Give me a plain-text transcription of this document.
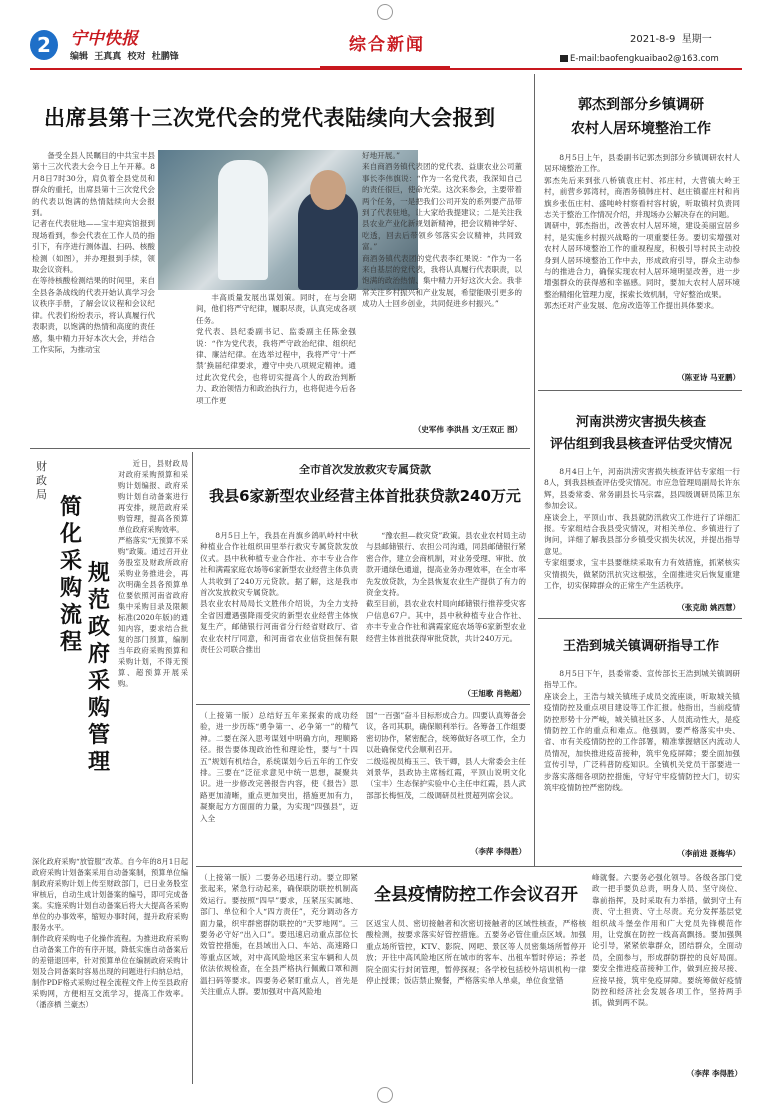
2	宁中快报
编辑  王真真  校对  杜鹏锋
综合新闻	2021-8-9  星期一
E-mail:baofengkuaibao2@163.com
出席县第十三次党代会的党代表陆续向大会报到
备受全县人民瞩目的中共宝丰县第十三次代表大会今日上午开幕。8月8日7时30分，肩负着全县党员和群众的重托，出席县第十三次党代会的代表以饱满的热情陆续向大会报到。
记者在代表驻地——宝丰迎宾馆报到现场看到，参会代表在工作人员的指引下，有序进行测体温、扫码、核酸检测（如图），并办理报到手续，领取会议资料。
在等待核酸检测结果的时间里，来自全县各条战线的代表开始认真学习会议秩序手册，了解会议议程和会议纪律。代表们纷纷表示，将认真履行代表职责，以饱满的热情和高度的责任感，集中精力开好本次大会，并结合工作实际，为推动宝
丰高质量发展出谋划策。同时，在与会期间，他们将严守纪律，履职尽责，认真完成各项任务。
党代表、县纪委副书记、监委副主任陈金强说：“作为党代表，我将严守政治纪律、组织纪律、廉洁纪律。在选举过程中，我将严守‘十严禁’换届纪律要求，遵守中央八项规定精神。通过此次党代会，也将切实提高个人的政治判断力、政治领悟力和政治执行力，也将促进今后各项工作更
好地开展。”
来自商酒务镇代表团的党代表、益康农业公司董事长李伟旗说：“作为一名党代表，我深知自己的责任很巨，使命光荣。这次来参会，主要带着两个任务，一是把我们公司开发的系列要产品带到了代表驻地，让大家给我提建议；二是关注我县农业产业化新规划新精神，把会议精神学好、吃透，回去后带领乡邻落实会议精神，共同致富。”
商酒务镇代表团的党代表李红果说：“作为一名来自基层的党代表，我将认真履行代表职责，以饱满的政治热情、集中精力开好这次大会。我非常关注乡村振兴和产业发展，希望能吸引更多的成功人士回乡创业，共同促进乡村振兴。”
（史军伟 李洪昌 文/王双正 图）
财政局
简化采购流程
规范政府采购管理
近日，县财政局对政府采购预算和采购计划编报、政府采购计划自动备案进行再安排，规范政府采购管理，提高各预算单位政府采购效率。
严格落实“无预算不采购”政策。通过召开业务股室及财政所政府采购业务推进会，再次明确全县各预算单位要依照河南省政府集中采购目录及限额标准(2020年版)的通知内容，要求结合批复的部门预算，编制当年政府采购预算和采购计划，不得无预算、超预算开展采购。
深化政府采购“放管服”改革。自今年的8月1日起政府采购计划备案采用自动备案制，预算单位编制政府采购计划上传至财政部门，已日业务股室审核后，自动生成计划备案的编号，即可完成备案。实施采购计划自动备案后将大大提高各采购单位的办事效率，缩短办事时间，提升政府采购服务水平。
制作政府采购电子化操作流程。为推进政府采购自动备案工作的有序开展，降低实施自动备案后的差错退回率，针对预算单位在编制政府采购计划及合同备案时容易出现的问题进行归纳总结，制作PDF格式采购过程全流程文件上传至县政府采购网，方便相互交流学习，提高工作效率。 （潘彦栖 兰豪杰）
全市首次发放救灾专属贷款
我县6家新型农业经营主体首批获贷款240万元
8月5日上午，我县在肖旗乡鸽叭岭村中秋种植业合作社组织田里举行救灾专属贷款发放仪式。县中秋种植专业合作社、亦丰专业合作社和满霞家庭农场等6家新型农业经营主体负责人共收到了240万元贷款。据了解，这是我市首次发放救灾专属贷款。
县农业农村局局长文胜伟介绍说，为全力支持全省因遭遇强降雨受灾的新型农业经营主体恢复生产，邮储银行河南省分行经省财政厅、省农业农村厅同意，和河南省农业信贷担保有限责任公司联合推出
“豫农担—救灾贷”政策。县农业农村局主动与县邮储银行、农担公司沟通，同县邮储银行紧密合作，建立会商机制，对业务受理、审批、放款开通绿色通道，提高业务办理效率，在全市率先发放贷款，为全县恢复农业生产提供了有力的资金支持。
截至目前，县农业农村局向邮储银行推荐受灾客户信息67户。其中，县中秋种植专业合作社、亦丰专业合作社和满霞家庭农场等6家新型农业经营主体首批获得审批贷款，共计240万元。
（王旭歌 肖艳超）
（上接第一版）总结好五年来探索的成功经验，进一步历练“勇争第一、必争第一”的精气神。二要在深入思考谋划中明确方向，理顺路径。报告要体现政治性和理论性，要与“十四五”规划有机结合，系统谋划今后五年的工作安排。三要在“泛征求意见中统一思想，凝聚共识。进一步修改完善报告内容，使《报告》思路更加清晰，重点更加突出，措施更加有力，凝聚起方方面面的力量，为实现“四强县”，迈入全
国“一百强”奋斗目标形成合力。四要认真筹备会议，各司其职，确保顺利举行。各筹备工作组要密切协作，紧密配合，统筹做好各项工作，全力以赴确保党代会顺利召开。
二级巡视员梅玉三、铁干卿，县人大常委会主任刘景华，县政协主席杨红霞，平顶山说明文化（宝丰）生态保护实验中心主任申红霞，县人武部部长梅恒茂，二级调研员杜贯超列席会议。
（李萍 李得胜）
（上接第一版）二要务必迅速行动。要立即紧张起来，紧急行动起来，确保联防联控机制高效运行。要按照“四早”要求，压紧压实属地、部门、单位和个人“四方责任”，充分调动各方面力量，织牢群密群防联控的“天罗地网”。三要务必守好“出入口”。要迅速启动重点部位长效管控措施，在县域出入口、车站、高速路口等重点区域，对中高风险地区来宝车辆和人员依法依规检查，在全县严格执行佩戴口罩和测温扫码等要求。四要务必紧盯重点人，首先是关注重点人群。要加强对中高风险地
全县疫情防控工作会议召开
区返宝人员、密切接触者和次密切接触者的区域性核查，严格核酸检测，按要求落实好管控措施。五要务必管住重点区域。加强重点场所管控，KTV、影院、网吧、景区等人员密集场所暂停开放；开往中高风险地区所在城市的客车、出租车暂时停运；养老院全面实行封闭管理，暂停探视；各学校包括校外培训机构一律停止授课；饭店禁止聚餐，严格落实单人单桌，单位食堂错
峰就餐。六要务必强化领导。各级各部门党政一把手要负总责，明身人员、坚守岗位、靠前指挥，及时采取有力举措，做到守土有责、守土担责、守土尽责。充分发挥基层党组织战斗堡垒作用和广大党员先锋模范作用，让党旗在防控一线高高飘扬。要加强舆论引导，紧紧依靠群众，团结群众，全面动员，全面参与，形成群防群控的良好局面。要安全推进疫苗接种工作，做到应接尽接、应接早接，筑牢免疫屏障。要统筹做好疫情防控和经济社会发展各项工作，坚持两手抓，做到两不误。
（李萍 李得胜）
郭杰到部分乡镇调研
农村人居环境整治工作
8月5日上午，县委副书记郭杰到部分乡镇调研农村人居环境整治工作。
郭杰先后来到张八桥镇袁庄村、祁庄村，大营镇大岭王村，前营乡郭湾村，商酒务镇韩庄村、赵庄镇翟庄村和肖旗乡张伍庄村、盛吨岭村察看村容村貌，听取镇村负责同志关于整治工作情况介绍，并现场办公解决存在的问题。
调研中，郭杰指出，改善农村人居环境，建设美丽宜居乡村，是实施乡村振兴战略的一项重要任务。要切实增强对农村人居环境整治工作的重视程度，积极引导村民主动投身到人居环境整治工作中去，形成政府引导，群众主动参与的推进合力，确保实现农村人居环境明显改善，进一步增强群众的获得感和幸福感。同时，要加大农村人居环境整治精细化管理力度，探索长效机制，守好整治成果。
郭杰还对产业发展、危房改造等工作提出具体要求。
（陈亚诗 马亚鹏）
河南洪涝灾害损失核查
评估组到我县核查评估受灾情况
8月4日上午，河南洪涝灾害损失核查评估专家组一行8人，到我县核查评估受灾情况。市应急管理局副局长许东辉，县委常委、常务副县长马宗霖，县四级调研员陈卫东参加会议。
座谈会上，平顶山市、我县就防汛救灾工作进行了详细汇报。专家组结合我县受灾情况，对相关单位、乡镇进行了询问，详细了解我县部分乡镇受灾损失状况，并提出指导意见。
专家组要求，宝丰县要继续采取有力有效措施，抓紧核实灾情损失，做紧防汛抗灾这根弦，全面推进灾后恢复重建工作，切实保障群众的正常生产生活秩序。
（张克勋 姚西慧）
王浩到城关镇调研指导工作
8月5日下午，县委常委、宣传部长王浩到城关镇调研指导工作。
座谈会上，王浩与城关镇班子成员交流座谈，听取城关镇疫情防控及重点项目建设等工作汇报。他指出，当前疫情防控形势十分严峻，城关镇社区多、人员流动性大，是疫情防控工作的重点和难点。他强调，要严格落实中央、省、市有关疫情防控的工作部署，精准掌握辖区内流动人员情况，加快推进疫苗接种，筑牢免疫屏障；要全面加强宣传引导，广泛科普防疫知识。全镇机关党员干部要进一步落实落细各项防控措施，守好守牢疫情防控大门，切实筑牢疫情防控严密防线。
（李前进 聂梅华）
